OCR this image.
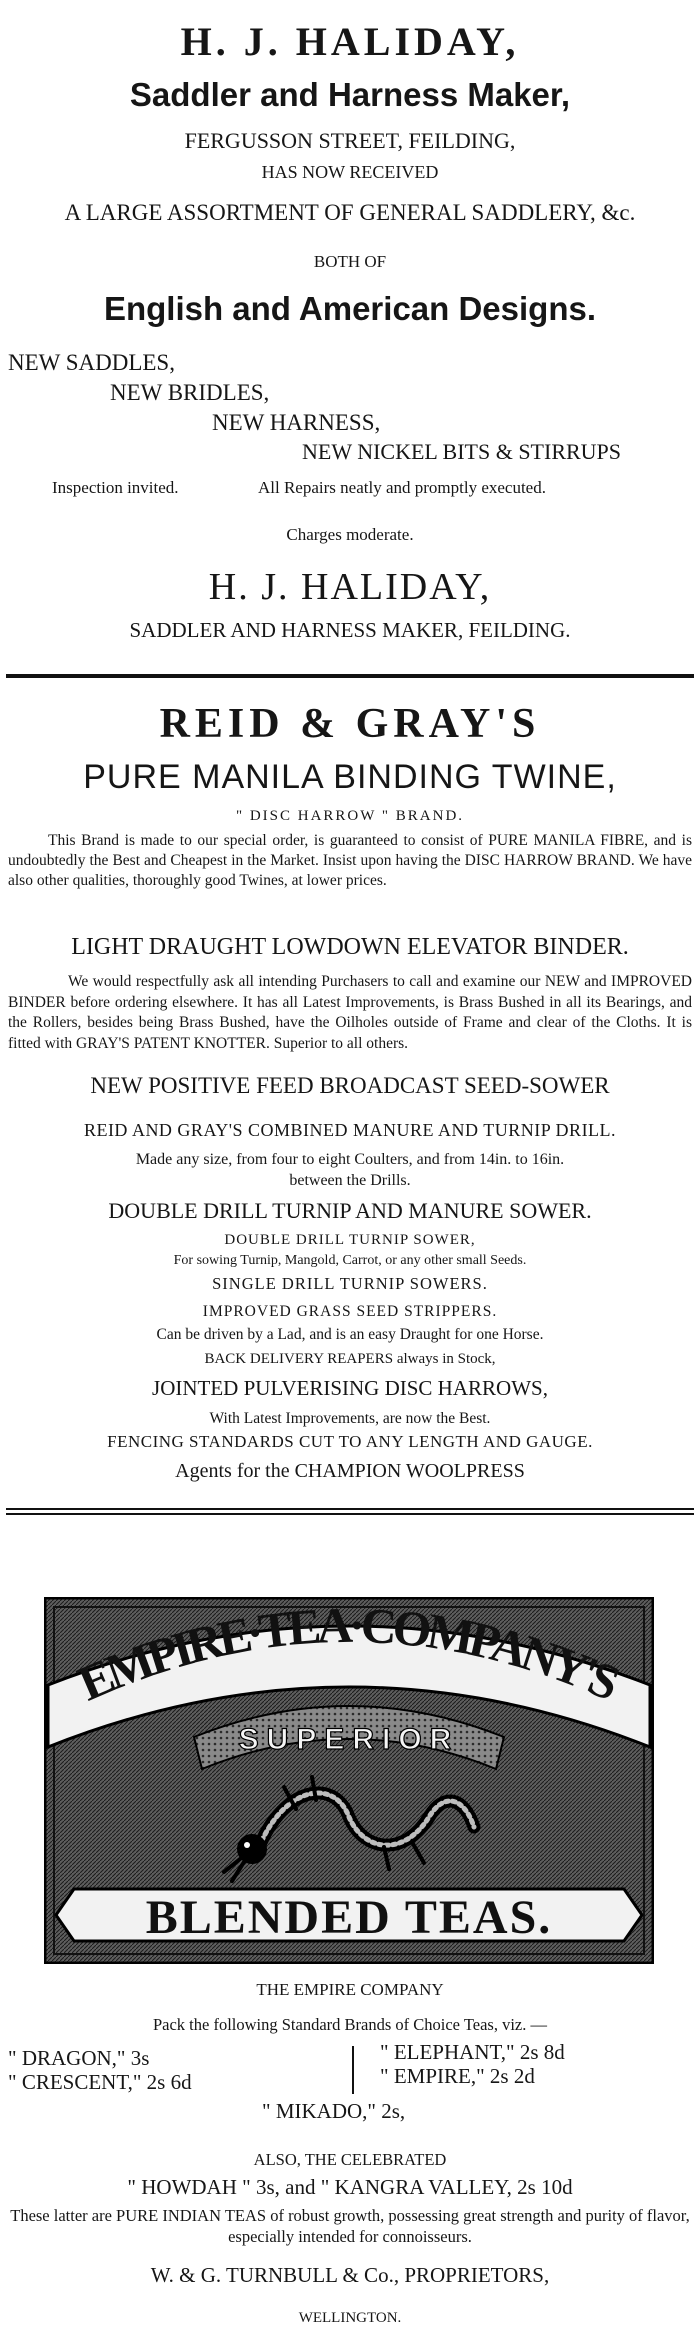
H. J. HALIDAY,
Saddler and Harness Maker,
FERGUSSON STREET, FEILDING,
HAS NOW RECEIVED
A LARGE ASSORTMENT OF GENERAL SADDLERY, &c.
BOTH OF
English and American Designs.
NEW SADDLES,
NEW BRIDLES,
NEW HARNESS,
NEW NICKEL BITS & STIRRUPS
Inspection invited.	All Repairs neatly and promptly executed.
Charges moderate.
H. J. HALIDAY,
SADDLER AND HARNESS MAKER, FEILDING.
REID & GRAY'S
PURE MANILA BINDING TWINE,
" DISC HARROW " BRAND.
This Brand is made to our special order, is guaranteed to consist of PURE MANILA FIBRE, and is undoubtedly the Best and Cheapest in the Market. Insist upon having the DISC HARROW BRAND. We have also other qualities, thoroughly good Twines, at lower prices.
LIGHT DRAUGHT LOWDOWN ELEVATOR BINDER.
We would respectfully ask all intending Purchasers to call and examine our NEW and IMPROVED BINDER before ordering elsewhere. It has all Latest Improvements, is Brass Bushed in all its Bearings, and the Rollers, besides being Brass Bushed, have the Oilholes outside of Frame and clear of the Cloths. It is fitted with GRAY'S PATENT KNOTTER. Superior to all others.
NEW POSITIVE FEED BROADCAST SEED-SOWER
REID AND GRAY'S COMBINED MANURE AND TURNIP DRILL.
Made any size, from four to eight Coulters, and from 14in. to 16in.
between the Drills.
DOUBLE DRILL TURNIP AND MANURE SOWER.
DOUBLE DRILL TURNIP SOWER,
For sowing Turnip, Mangold, Carrot, or any other small Seeds.
SINGLE DRILL TURNIP SOWERS.
IMPROVED GRASS SEED STRIPPERS.
Can be driven by a Lad, and is an easy Draught for one Horse.
BACK DELIVERY REAPERS always in Stock,
JOINTED PULVERISING DISC HARROWS,
With Latest Improvements, are now the Best.
FENCING STANDARDS CUT TO ANY LENGTH AND GAUGE.
Agents for the CHAMPION WOOLPRESS
EMPIRE·TEA·COMPANY'S
SUPERIOR
BLENDED TEAS.
THE EMPIRE COMPANY
Pack the following Standard Brands of Choice Teas, viz. —
" DRAGON," 3s
" CRESCENT," 2s 6d
" ELEPHANT," 2s 8d
" EMPIRE," 2s 2d
" MIKADO," 2s,
ALSO, THE CELEBRATED
" HOWDAH " 3s, and " KANGRA VALLEY, 2s 10d
These latter are PURE INDIAN TEAS of robust growth, possessing great strength and purity of flavor, especially intended for connoisseurs.
W. & G. TURNBULL & Co., PROPRIETORS,
WELLINGTON.
